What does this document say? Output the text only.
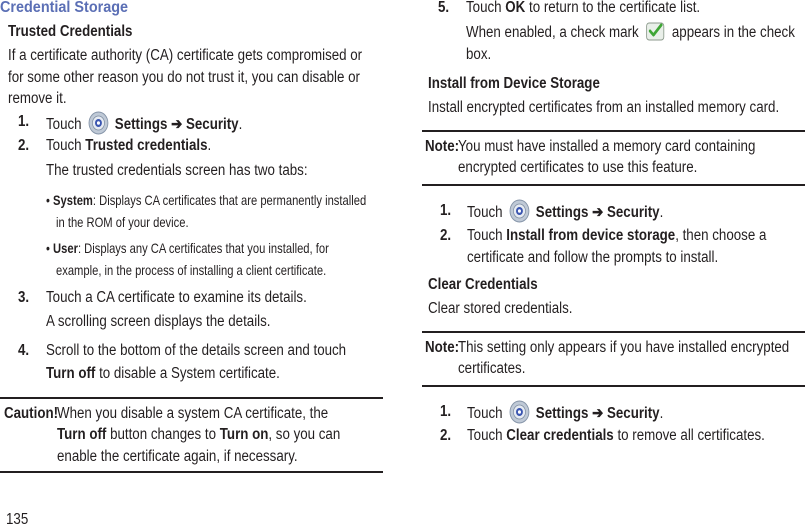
Credential Storage
Trusted Credentials
If a certificate authority (CA) certificate gets compromised or
for some other reason you do not trust it, you can disable or
remove it.
1. Touch Settings ➔ Security.
2. Touch Trusted credentials.
The trusted credentials screen has two tabs:
• System: Displays CA certificates that are permanently installed
in the ROM of your device.
• User: Displays any CA certificates that you installed, for
example, in the process of installing a client certificate.
3. Touch a CA certificate to examine its details.
A scrolling screen displays the details.
4. Scroll to the bottom of the details screen and touch
Turn off to disable a System certificate.
Caution!
When you disable a system CA certificate, the
Turn off button changes to Turn on, so you can
enable the certificate again, if necessary.
135
5. Touch OK to return to the certificate list.
When enabled, a check mark appears in the check
box.
Install from Device Storage
Install encrypted certificates from an installed memory card.
Note:
You must have installed a memory card containing
encrypted certificates to use this feature.
1. Touch Settings ➔ Security.
2. Touch Install from device storage, then choose a
certificate and follow the prompts to install.
Clear Credentials
Clear stored credentials.
Note:
This setting only appears if you have installed encrypted
certificates.
1. Touch Settings ➔ Security.
2. Touch Clear credentials to remove all certificates.
